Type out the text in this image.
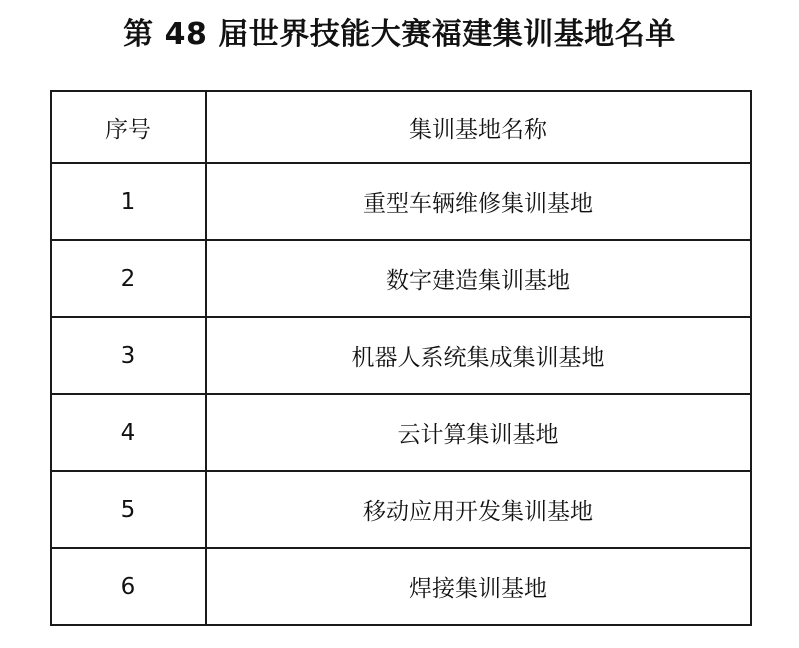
第 48 届世界技能大赛福建集训基地名单
序号	集训基地名称
1	重型车辆维修集训基地
2	数字建造集训基地
3	机器人系统集成集训基地
4	云计算集训基地
5	移动应用开发集训基地
6	焊接集训基地
